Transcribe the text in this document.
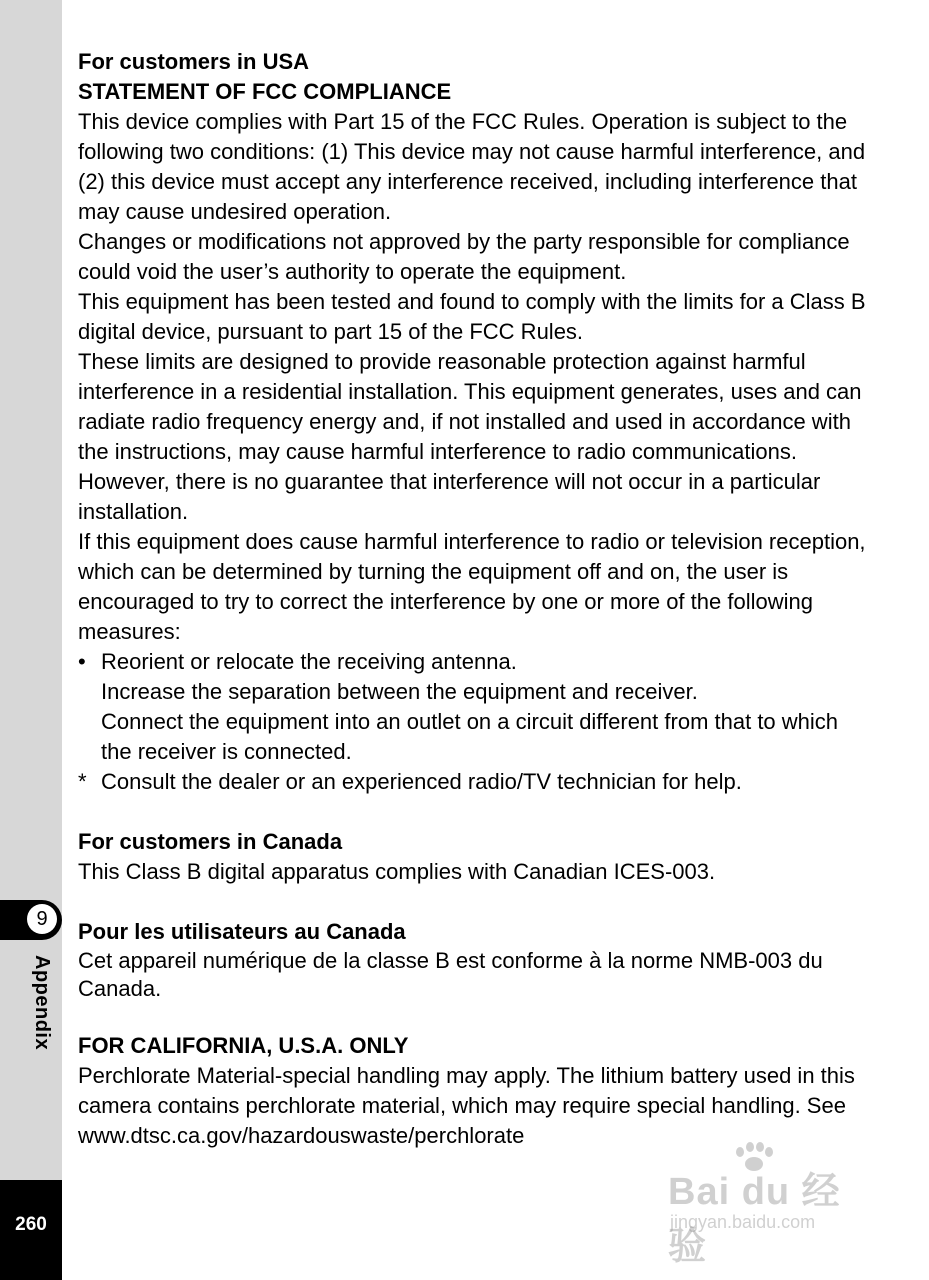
9
Appendix
260

For customers in USA

STATEMENT OF FCC COMPLIANCE

This device complies with Part 15 of the FCC Rules. Operation is subject to the following two conditions: (1) This device may not cause harmful interference, and (2) this device must accept any interference received, including interference that may cause undesired operation.

Changes or modifications not approved by the party responsible for compliance could void the user’s authority to operate the equipment.

This equipment has been tested and found to comply with the limits for a Class B digital device, pursuant to part 15 of the FCC Rules.

These limits are designed to provide reasonable protection against harmful interference in a residential installation. This equipment generates, uses and can radiate radio frequency energy and, if not installed and used in accordance with the instructions, may cause harmful interference to radio communications. However, there is no guarantee that interference will not occur in a particular installation.

If this equipment does cause harmful interference to radio or television reception, which can be determined by turning the equipment off and on, the user is encouraged to try to correct the interference by one or more of the following measures:

• Reorient or relocate the receiving antenna.

Increase the separation between the equipment and receiver.

Connect the equipment into an outlet on a circuit different from that to which the receiver is connected.

* Consult the dealer or an experienced radio/TV technician for help.

For customers in Canada

This Class B digital apparatus complies with Canadian ICES-003.

Pour les utilisateurs au Canada

Cet appareil numérique de la classe B est conforme à la norme NMB-003 du Canada.

FOR CALIFORNIA, U.S.A. ONLY

Perchlorate Material-special handling may apply. The lithium battery used in this camera contains perchlorate material, which may require special handling. See www.dtsc.ca.gov/hazardouswaste/perchlorate

Bai du 经验
jingyan.baidu.com
